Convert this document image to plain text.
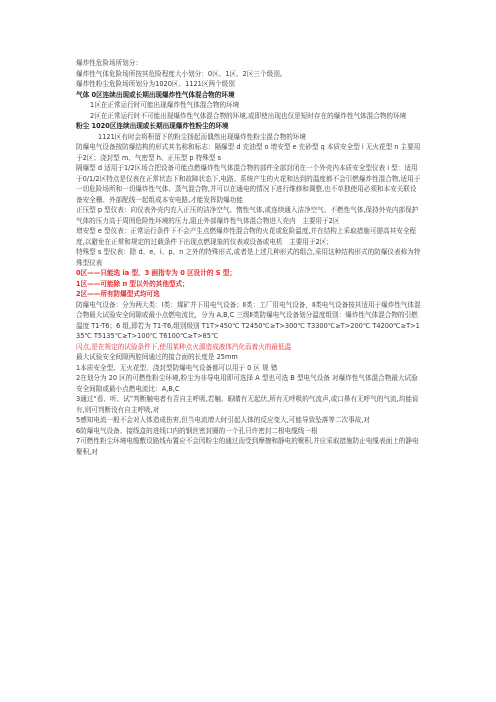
爆炸性危险场所划分：

爆炸性气体危险场所按其危险程度大小划分：0区、1区、2区三个级别。

爆炸性粉尘危险场所划分为1020区、1121区两个级别

气体 0区连续出现或长期出现爆炸性气体混合物的环境

1区在正常运行时可能出现爆炸性气体混合物的环境

2区在正常运行时不可能出现爆炸性气体混合物的环境,或即使出现也仅是短时存在的爆炸性气体混合物的环境

粉尘 1020区连续出现或长期出现爆炸性粉尘的环境

1121区有时会将积留下的粉尘扬起而偶然出现爆炸性粉尘混合物的环境

防爆电气设备按防爆结构的形式其名称和标志：隔爆型 d 充油型 o 增安型 e 充砂型 q 本质安全型 i 无火花型 n 主要用于2区；浇封型 m、气密型 h、正压型 p 特殊型 s

隔爆型 d 适用于1/2区场合把设备可能点燃爆炸性气体混合物的部件全部封闭在一个外壳内本质安全型仪表 i 型：适用于0/1/2区特点是仅表在正常状态下和故障状态下,电路、系统产生的火花和达到的温度都不会引燃爆炸性混合物,适用于一切危险场所和一切爆炸性气体、蒸气混合物,并可以在通电的情况下进行维修和调整,也不单独使用必须和本安关联设备安全栅、外部配线一起组成本安电路,才能发挥防爆功能

正压型 p 型仪表：向仪表外壳内充入正压的洁净空气、惰性气体,或连续通入洁净空气、不燃性气体,保持外壳内部保护气体的压力高于周围危险性环境的压力,阻止外部爆炸性气体混合物进入壳内　主要用于2区

增安型 e 型仪表：正常运行条件下不会产生点燃爆炸性混合物的火花或危险温度,并在结构上采取措施可提高其安全程度,以避免在正常和规定的过载条件下出现点燃现象的仪表或设备或电机　主要用于2区；

特殊型 s 型仪表：除 d、e、i、p、n 之外的特殊形式,或者是上述几种形式的组合,采用这种结构形式的防爆仪表称为特殊型仪表

0区——只能选 ia 型、3 画指专为 0 区设计的 S 型；

1区——可能除 n 型以外的其他型式；

2区——所有防爆型式均可选

防爆电气设备：分为两大类：Ⅰ类：煤矿井下用电气设备；Ⅱ类：工厂用电气设备，Ⅱ类电气设备按其适用于爆炸性气体混合物最大试验安全间隙或最小点燃电流比，分为 A,B,C 三级Ⅱ类防爆电气设备划分温度组别：爆炸性气体混合物的引燃温度 T1-T6；6 组,即若为 T1-T6,组别级别 T1T>450℃ T2450℃≥T>300℃ T3300℃≥T>200℃ T4200℃≥T>135℃ T5135℃≥T>100℃ T6100℃≥T>85℃

闪点,是在规定的试验条件下,使用某种点火源造成液体汽化而着火的最低温

最大试验安全间隙两腔间通过的接合面的长度是 25mm

1本质安全型、无火花型、浇封型防爆电气设备都可以用于 0 区 规 错

2在划分为 20 区的可燃性粉尘环境,粉尘为非导电用即可选择 A 型也可选 B 型电气设备 对爆炸性气体混合物最大试验安全间隙或最小点燃电流比：A,B,C

3通过“看、听、试”判断触电者有否自主呼吸,若触、眼睛有无起伏,所有无呼吸的气流声,或口鼻有无呼气的气流,均能说有,则可判断没有自主呼吸,对

5感知电流一般不会对人体造成伤害,但当电流增大时引起人体的反应变大,可能导致坠落等二次事故,对

6防爆电气设备、接线盒的进线口内的钢丝密封圈的一个孔只许密封二根电缆线一根

7可燃性粉尘环境电缆敷设路线布置应不会因粉尘的通过而受到摩擦和静电的聚积,并应采取措施防止电缆表面上的静电聚积,对
